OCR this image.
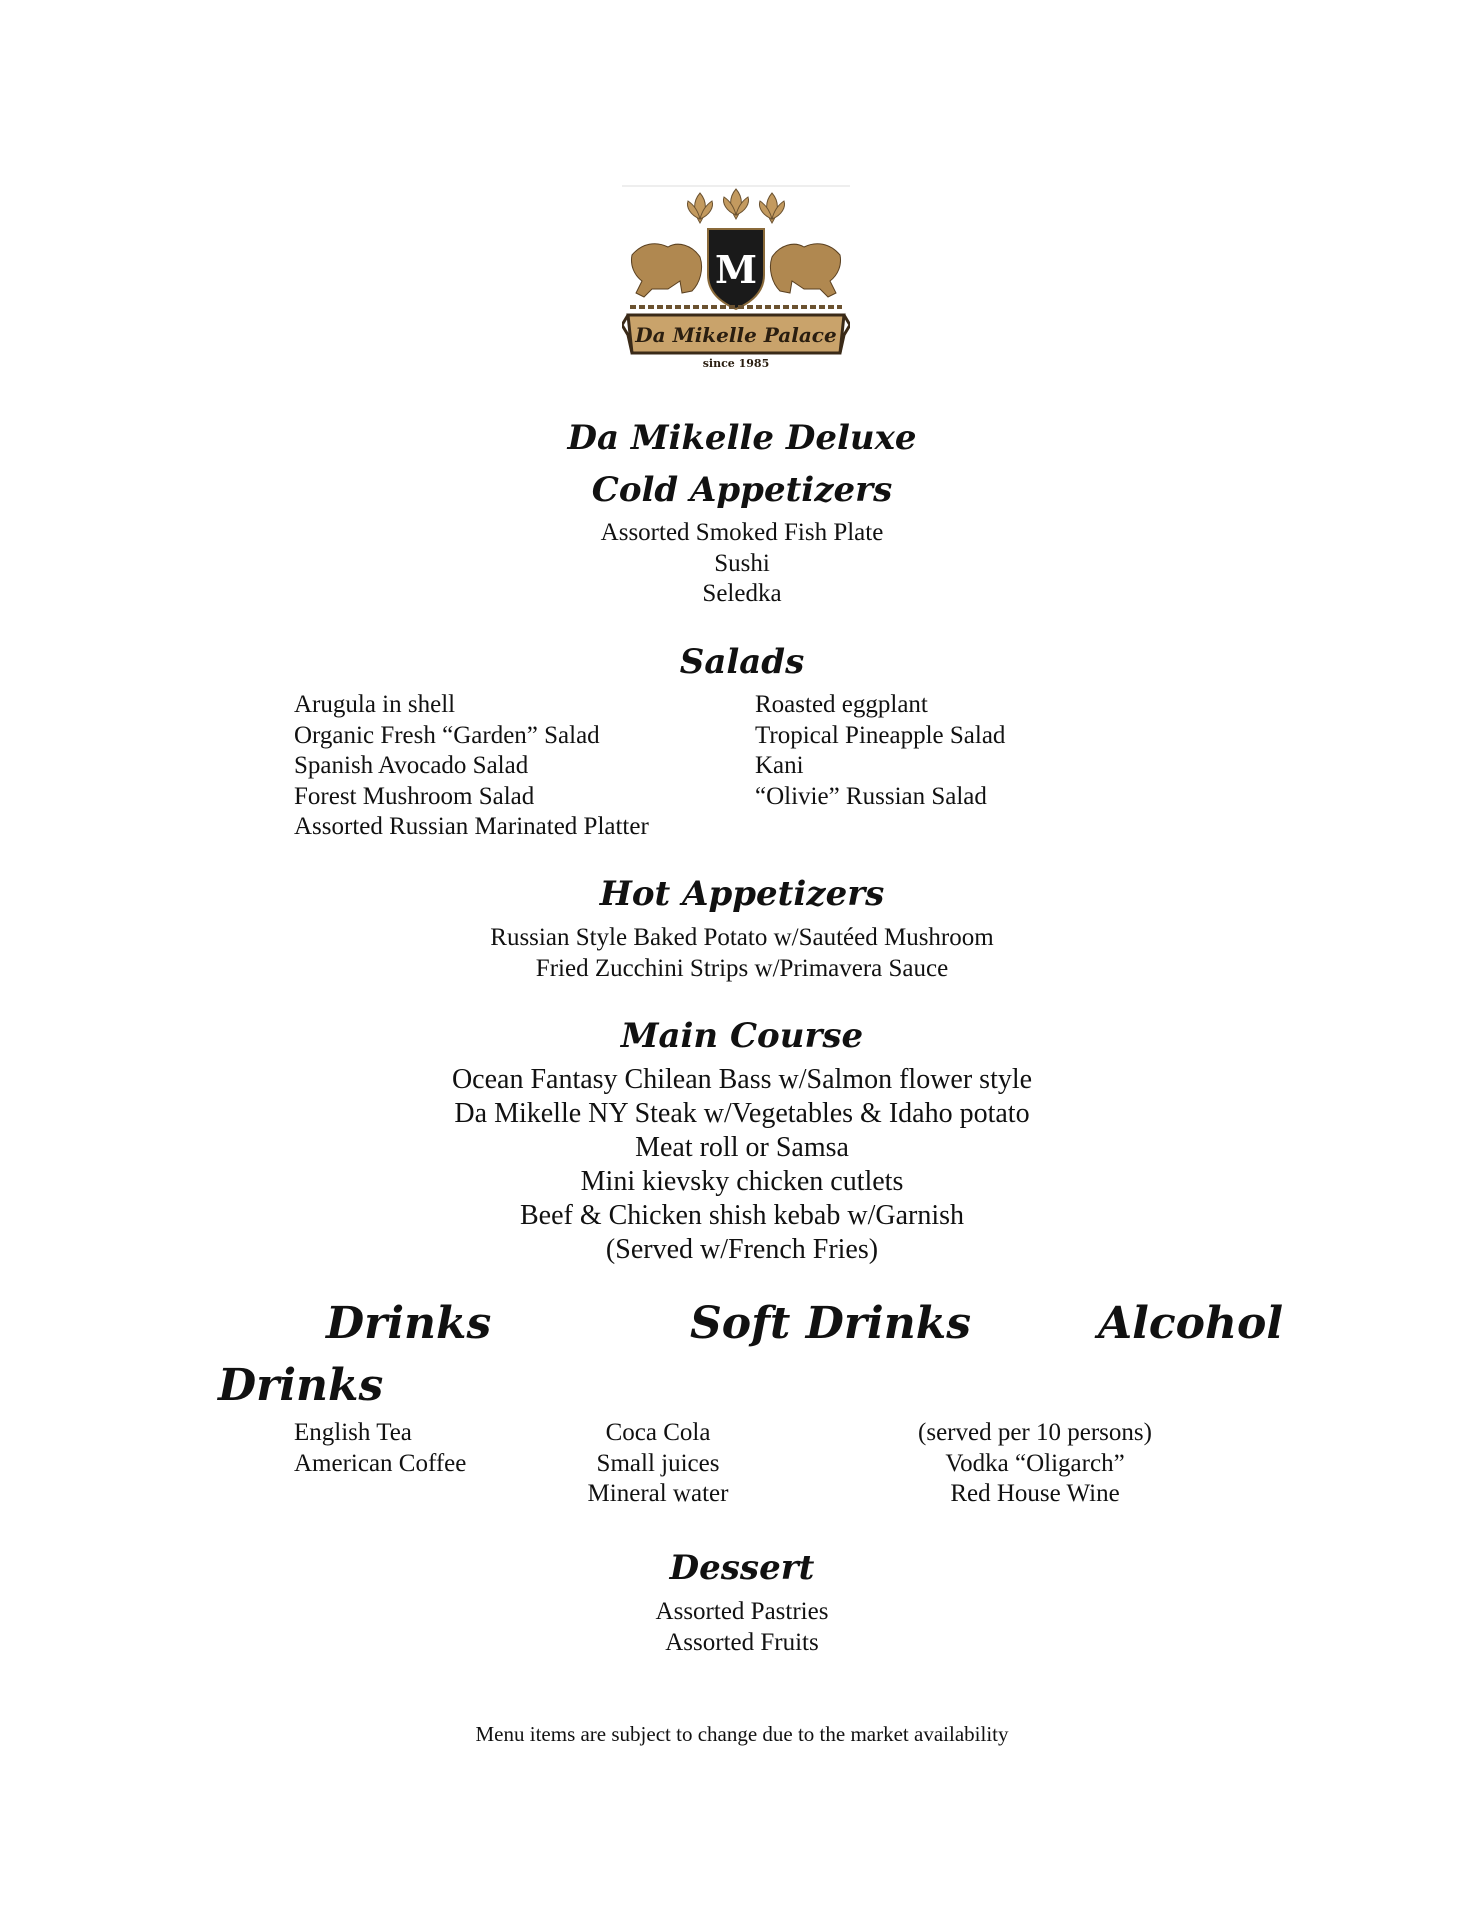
M
Da Mikelle Palace
since 1985
Da Mikelle Deluxe
Cold Appetizers
Assorted Smoked Fish Plate
Sushi
Seledka
Salads
Arugula in shell
Organic Fresh “Garden” Salad
Spanish Avocado Salad
Forest Mushroom Salad
Assorted Russian Marinated Platter
Roasted eggplant
Tropical Pineapple Salad
Kani
“Olivie” Russian Salad
Hot Appetizers
Russian Style Baked Potato w/Sautéed Mushroom
Fried Zucchini Strips w/Primavera Sauce
Main Course
Ocean Fantasy Chilean Bass w/Salmon flower style
Da Mikelle NY Steak w/Vegetables & Idaho potato
Meat roll or Samsa
Mini kievsky chicken cutlets
Beef & Chicken shish kebab w/Garnish
(Served w/French Fries)
Drinks	Soft Drinks	Alcohol
Drinks
English Tea
American Coffee
Coca Cola
Small juices
Mineral water
(served per 10 persons)
Vodka “Oligarch”
Red House Wine
Dessert
Assorted Pastries
Assorted Fruits
Menu items are subject to change due to the market availability
